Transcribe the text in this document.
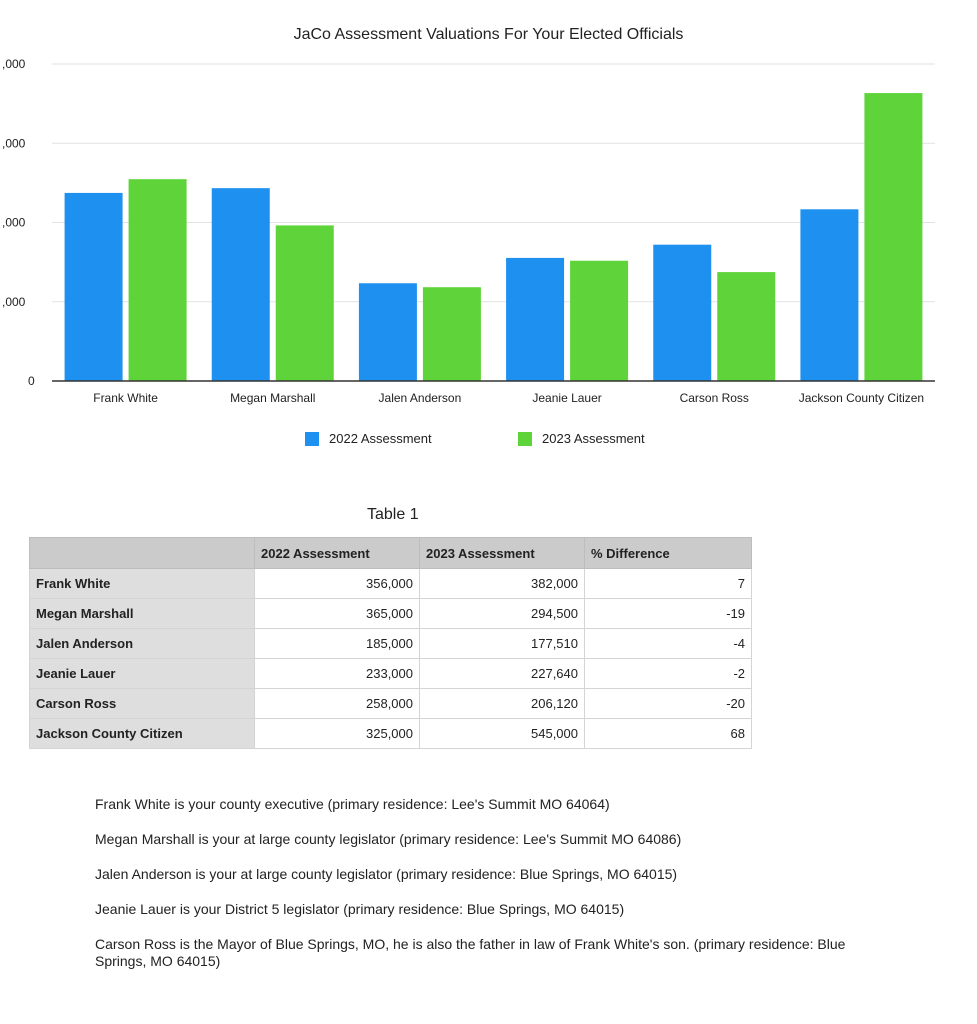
JaCo Assessment Valuations For Your Elected Officials
,000
,000
,000
,000
0
Frank White	Megan Marshall	Jalen Anderson	Jeanie Lauer	Carson Ross	Jackson County Citizen
2022 Assessment	2023 Assessment
Table 1
	2022 Assessment	2023 Assessment	% Difference
Frank White	356,000	382,000	7
Megan Marshall	365,000	294,500	-19
Jalen Anderson	185,000	177,510	-4
Jeanie Lauer	233,000	227,640	-2
Carson Ross	258,000	206,120	-20
Jackson County Citizen	325,000	545,000	68

Frank White is your county executive (primary residence: Lee's Summit MO 64064)

Megan Marshall is your at large county legislator (primary residence: Lee's Summit MO 64086)

Jalen Anderson is your at large county legislator (primary residence: Blue Springs, MO 64015)

Jeanie Lauer is your District 5 legislator (primary residence: Blue Springs, MO 64015)

Carson Ross is the Mayor of Blue Springs, MO, he is also the father in law of Frank White's son. (primary residence: Blue Springs, MO 64015)
